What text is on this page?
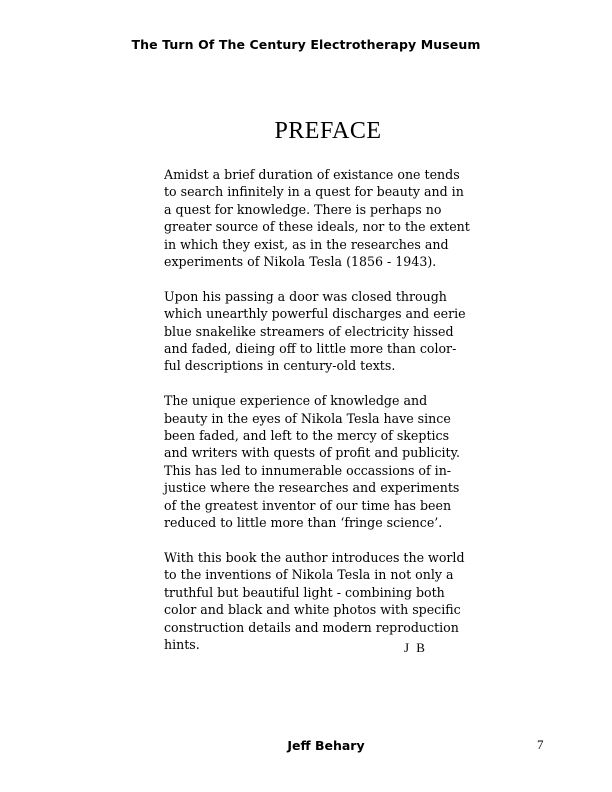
The Turn Of The Century Electrotherapy Museum
PREFACE

Amidst a brief duration of existance one tends
to search infinitely in a quest for beauty and in
a quest for knowledge. There is perhaps no
greater source of these ideals, nor to the extent
in which they exist, as in the researches and
experiments of Nikola Tesla (1856 - 1943).

Upon his passing a door was closed through
which unearthly powerful discharges and eerie
blue snakelike streamers of electricity hissed
and faded, dieing off to little more than color-
ful descriptions in century-old texts.

The unique experience of knowledge and
beauty in the eyes of Nikola Tesla have since
been faded, and left to the mercy of skeptics
and writers with quests of profit and publicity.
This has led to innumerable occassions of in-
justice where the researches and experiments
of the greatest inventor of our time has been
reduced to little more than ‘fringe science’.

With this book the author introduces the world
to the inventions of Nikola Tesla in not only a
truthful but beautiful light - combining both
color and black and white photos with specific
construction details and modern reproduction
hints.	J B
Jeff Behary	7
